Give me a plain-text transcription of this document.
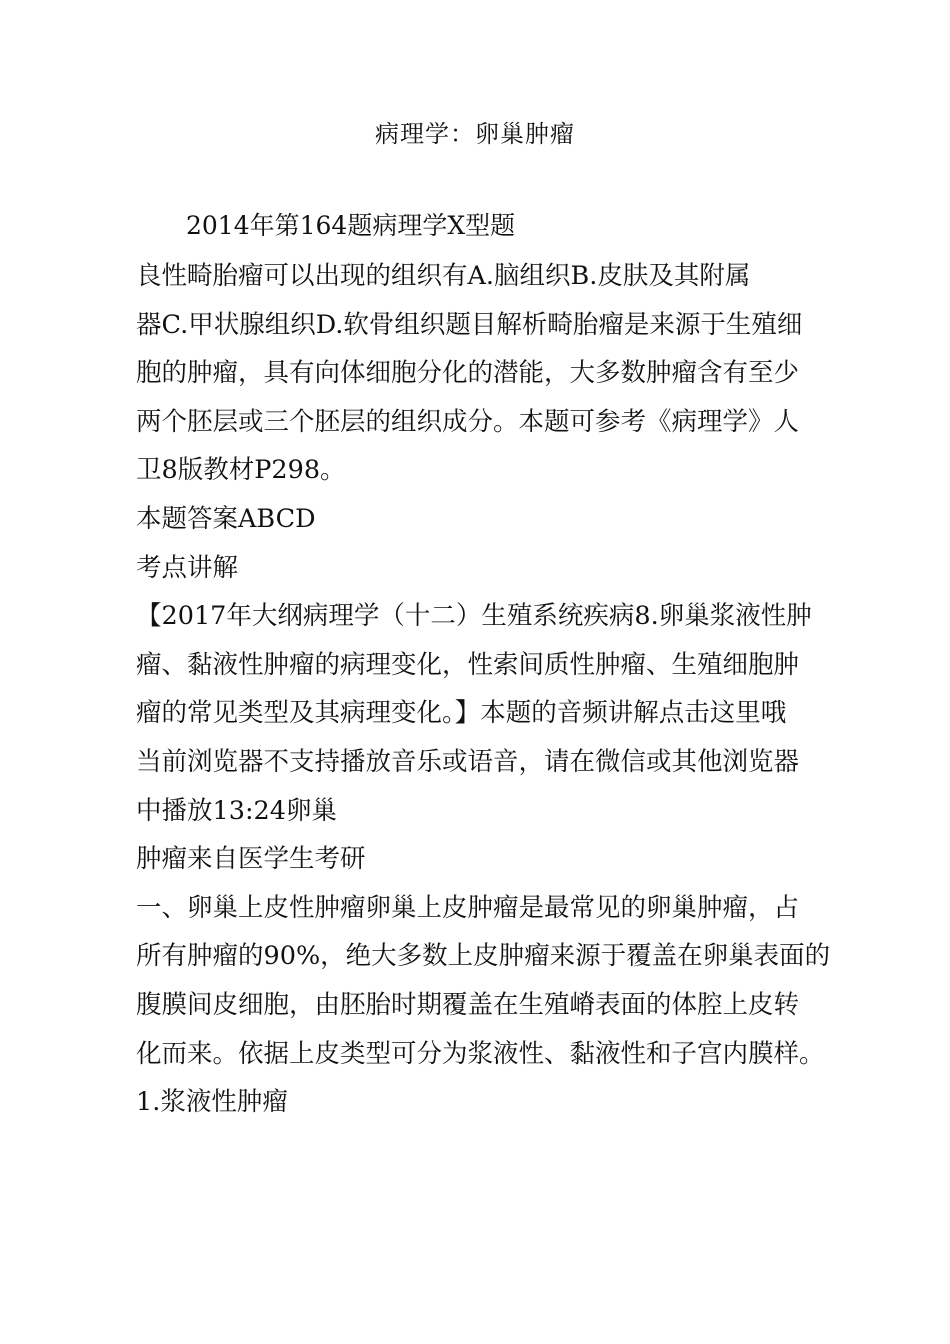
病理学：卵巢肿瘤
2014年第164题病理学X型题
良性畸胎瘤可以出现的组织有A.脑组织B.皮肤及其附属
器C.甲状腺组织D.软骨组织题目解析畸胎瘤是来源于生殖细
胞的肿瘤，具有向体细胞分化的潜能，大多数肿瘤含有至少
两个胚层或三个胚层的组织成分。本题可参考《病理学》人
卫8版教材P298。
本题答案ABCD
考点讲解
【2017年大纲病理学（十二）生殖系统疾病8.卵巢浆液性肿
瘤、黏液性肿瘤的病理变化，性索间质性肿瘤、生殖细胞肿
瘤的常见类型及其病理变化。】本题的音频讲解点击这里哦
当前浏览器不支持播放音乐或语音，请在微信或其他浏览器
中播放13:24卵巢
肿瘤来自医学生考研
一、卵巢上皮性肿瘤卵巢上皮肿瘤是最常见的卵巢肿瘤，占
所有肿瘤的90%，绝大多数上皮肿瘤来源于覆盖在卵巢表面的
腹膜间皮细胞，由胚胎时期覆盖在生殖嵴表面的体腔上皮转
化而来。依据上皮类型可分为浆液性、黏液性和子宫内膜样。
1.浆液性肿瘤
